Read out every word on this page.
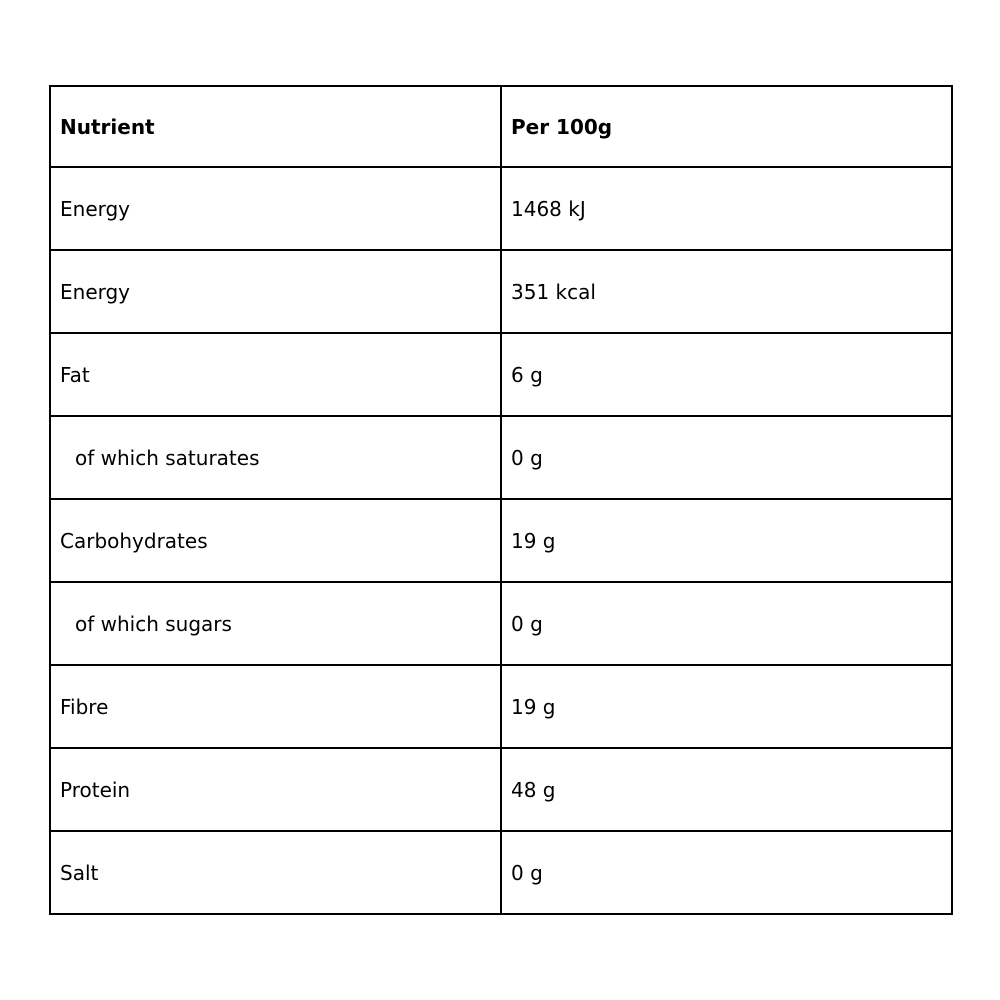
Nutrient	Per 100g
Energy	1468 kJ
Energy	351 kcal
Fat	6 g
of which saturates	0 g
Carbohydrates	19 g
of which sugars	0 g
Fibre	19 g
Protein	48 g
Salt	0 g
